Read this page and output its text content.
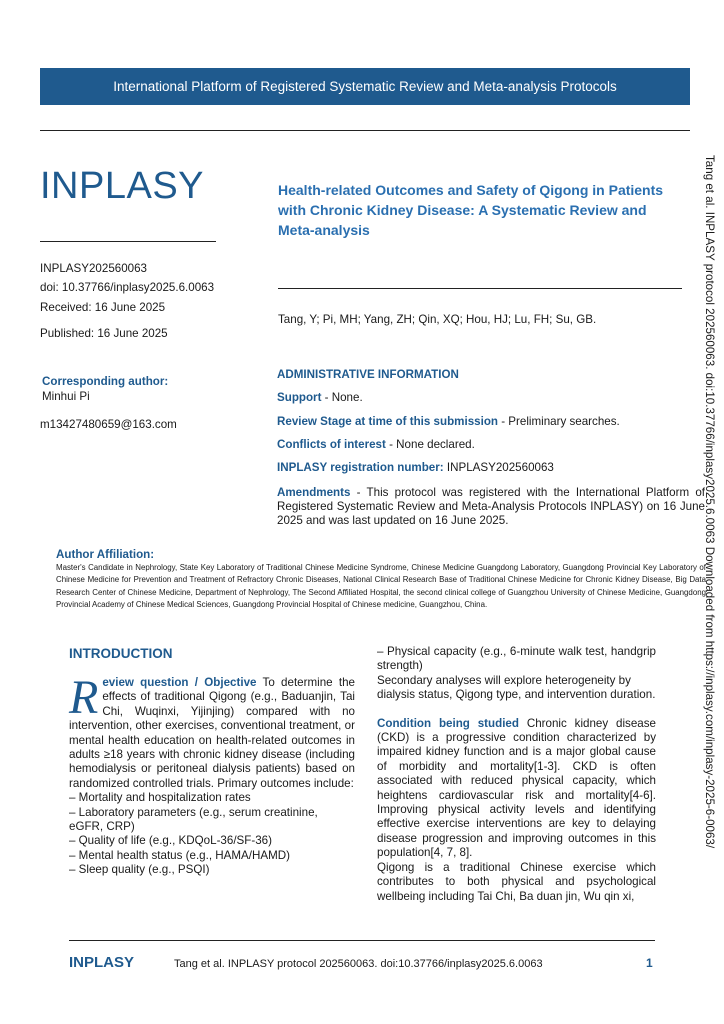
International Platform of Registered Systematic Review and Meta-analysis Protocols
INPLASY	Health-related Outcomes and Safety of Qigong in Patients with Chronic Kidney Disease: A Systematic Review and Meta-analysis
INPLASY202560063
doi: 10.37766/inplasy2025.6.0063
Received: 16 June 2025
Published: 16 June 2025
Tang, Y; Pi, MH; Yang, ZH; Qin, XQ; Hou, HJ; Lu, FH; Su, GB.
Corresponding author:
Minhui Pi
m13427480659@163.com
ADMINISTRATIVE INFORMATION
Support - None.
Review Stage at time of this submission - Preliminary searches.
Conflicts of interest - None declared.
INPLASY registration number: INPLASY202560063
Amendments - This protocol was registered with the International Platform of Registered Systematic Review and Meta-Analysis Protocols INPLASY) on 16 June 2025 and was last updated on 16 June 2025.
Author Affiliation:
Master's Candidate in Nephrology, State Key Laboratory of Traditional Chinese Medicine Syndrome, Chinese Medicine Guangdong Laboratory, Guangdong Provincial Key Laboratory of Chinese Medicine for Prevention and Treatment of Refractory Chronic Diseases, National Clinical Research Base of Traditional Chinese Medicine for Chronic Kidney Disease, Big Data Research Center of Chinese Medicine, Department of Nephrology, The Second Affiliated Hospital, the second clinical college of Guangzhou University of Chinese Medicine, Guangdong Provincial Academy of Chinese Medical Sciences, Guangdong Provincial Hospital of Chinese medicine, Guangzhou, China.
INTRODUCTION

Review question / Objective To determine the effects of traditional Qigong (e.g., Baduanjin, Tai Chi, Wuqinxi, Yijinjing) compared with no intervention, other exercises, conventional treatment, or mental health education on health-related outcomes in adults ≥18 years with chronic kidney disease (including hemodialysis or peritoneal dialysis patients) based on randomized controlled trials. Primary outcomes include:

– Mortality and hospitalization rates

– Laboratory parameters (e.g., serum creatinine, eGFR, CRP)

– Quality of life (e.g., KDQoL-36/SF-36)

– Mental health status (e.g., HAMA/HAMD)

– Sleep quality (e.g., PSQI)

– Physical capacity (e.g., 6-minute walk test, handgrip strength)

Secondary analyses will explore heterogeneity by dialysis status, Qigong type, and intervention duration.

Condition being studied Chronic kidney disease (CKD) is a progressive condition characterized by impaired kidney function and is a major global cause of morbidity and mortality[1-3]. CKD is often associated with reduced physical capacity, which heightens cardiovascular risk and mortality[4-6]. Improving physical activity levels and identifying effective exercise interventions are key to delaying disease progression and improving outcomes in this population[4, 7, 8].

Qigong is a traditional Chinese exercise which contributes to both physical and psychological wellbeing including Tai Chi, Ba duan jin, Wu qin xi,

INPLASY	Tang et al. INPLASY protocol 202560063. doi:10.37766/inplasy2025.6.0063	1
Tang et al. INPLASY protocol 202560063. doi:10.37766/inplasy2025.6.0063 Downloaded from https://inplasy.com/inplasy-2025-6-0063/
